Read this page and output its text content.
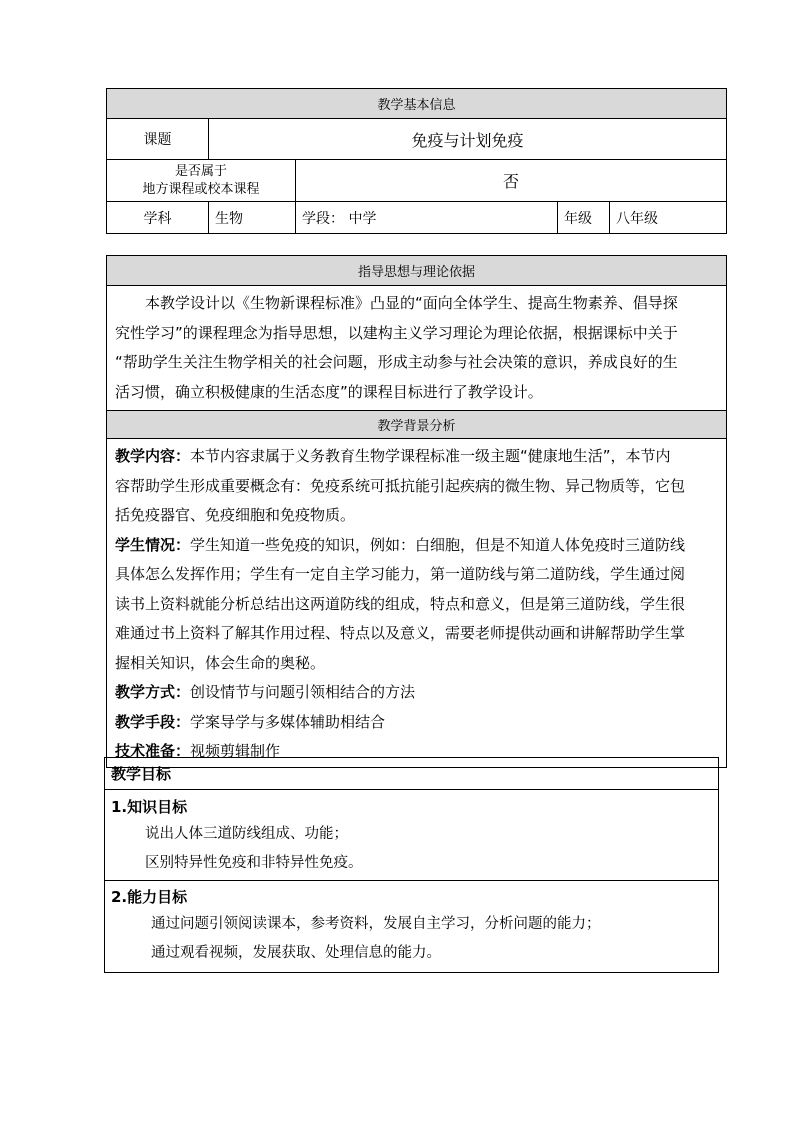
教学基本信息				
课题	免疫与计划免疫			

是否属于
地方课程或校本课程		否		
学科	生物	学段： 中学	年级	八年级
指导思想与理论依据

本教学设计以《生物新课程标准》凸显的“面向全体学生、提高生物素养、倡导探
究性学习”的课程理念为指导思想，以建构主义学习理论为理论依据，根据课标中关于
“帮助学生关注生物学相关的社会问题，形成主动参与社会决策的意识，养成良好的生
活习惯，确立积极健康的生活态度”的课程目标进行了教学设计。

教学背景分析

教学内容：本节内容隶属于义务教育生物学课程标准一级主题“健康地生活”，本节内
容帮助学生形成重要概念有：免疫系统可抵抗能引起疾病的微生物、异己物质等，它包
括免疫器官、免疫细胞和免疫物质。
学生情况：学生知道一些免疫的知识，例如：白细胞，但是不知道人体免疫时三道防线
具体怎么发挥作用；学生有一定自主学习能力，第一道防线与第二道防线，学生通过阅
读书上资料就能分析总结出这两道防线的组成，特点和意义，但是第三道防线，学生很
难通过书上资料了解其作用过程、特点以及意义，需要老师提供动画和讲解帮助学生掌
握相关知识，体会生命的奥秘。
教学方式：创设情节与问题引领相结合的方法
教学手段：学案导学与多媒体辅助相结合
技术准备：视频剪辑制作
教学目标

1.知识目标
说出人体三道防线组成、功能；
区别特异性免疫和非特异性免疫。

2.能力目标
通过问题引领阅读课本，参考资料，发展自主学习，分析问题的能力；
通过观看视频，发展获取、处理信息的能力。
